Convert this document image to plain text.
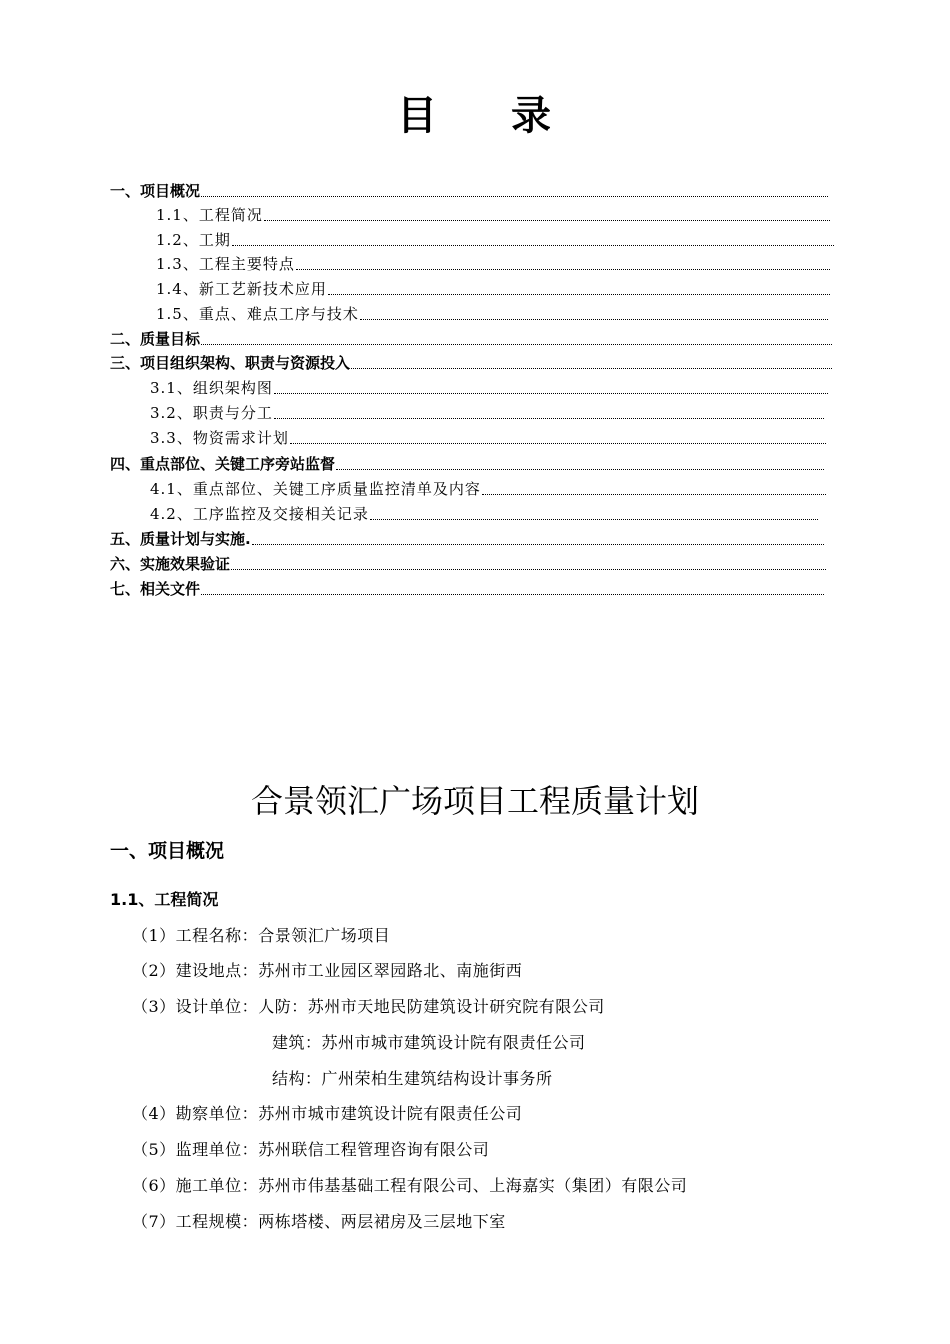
目 录
一、项目概况
1.1、工程简况
1.2、工期
1.3、工程主要特点
1.4、新工艺新技术应用
1.5、重点、难点工序与技术
二、质量目标
三、项目组织架构、职责与资源投入
3.1、组织架构图
3.2、职责与分工
3.3、物资需求计划
四、重点部位、关键工序旁站监督
4.1、重点部位、关键工序质量监控清单及内容
4.2、工序监控及交接相关记录
五、质量计划与实施.
六、实施效果验证
七、相关文件
合景领汇广场项目工程质量计划
一、项目概况
1.1、工程简况
（1）工程名称：合景领汇广场项目
（2）建设地点：苏州市工业园区翠园路北、南施街西
（3）设计单位：人防：苏州市天地民防建筑设计研究院有限公司
建筑：苏州市城市建筑设计院有限责任公司
结构：广州荣柏生建筑结构设计事务所
（4）勘察单位：苏州市城市建筑设计院有限责任公司
（5）监理单位：苏州联信工程管理咨询有限公司
（6）施工单位：苏州市伟基基础工程有限公司、上海嘉实（集团）有限公司
（7）工程规模：两栋塔楼、两层裙房及三层地下室
